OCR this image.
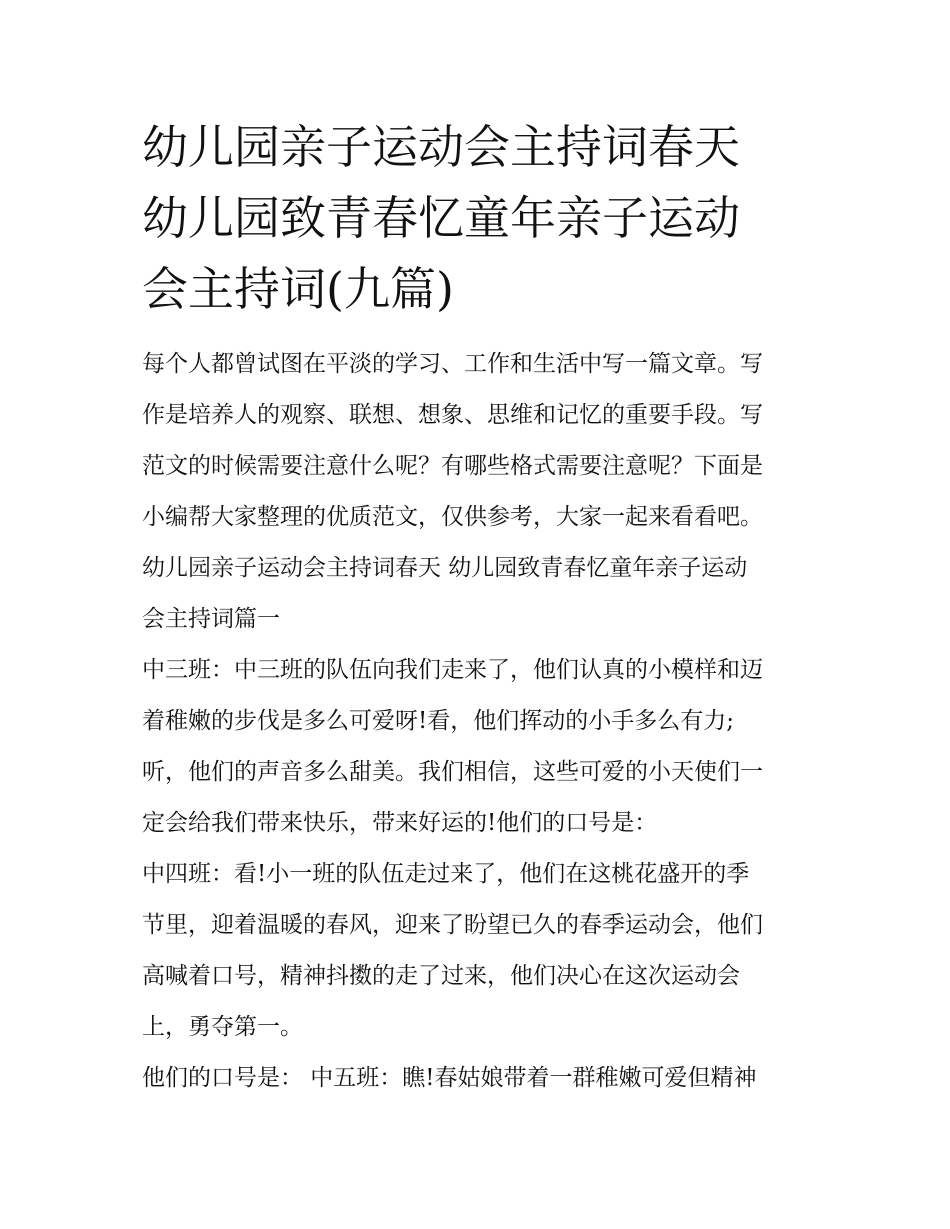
幼儿园亲子运动会主持词春天
幼儿园致青春忆童年亲子运动
会主持词(九篇)

每个人都曾试图在平淡的学习、工作和生活中写一篇文章。写
作是培养人的观察、联想、想象、思维和记忆的重要手段。写
范文的时候需要注意什么呢？有哪些格式需要注意呢？下面是
小编帮大家整理的优质范文，仅供参考，大家一起来看看吧。

幼儿园亲子运动会主持词春天 幼儿园致青春忆童年亲子运动
会主持词篇一

中三班：中三班的队伍向我们走来了，他们认真的小模样和迈
着稚嫩的步伐是多么可爱呀!看，他们挥动的小手多么有力;
听，他们的声音多么甜美。我们相信，这些可爱的小天使们一
定会给我们带来快乐，带来好运的!他们的口号是：

中四班：看!小一班的队伍走过来了，他们在这桃花盛开的季
节里，迎着温暖的春风，迎来了盼望已久的春季运动会，他们
高喊着口号，精神抖擞的走了过来，他们决心在这次运动会
上，勇夺第一。

他们的口号是： 中五班：瞧!春姑娘带着一群稚嫩可爱但精神
